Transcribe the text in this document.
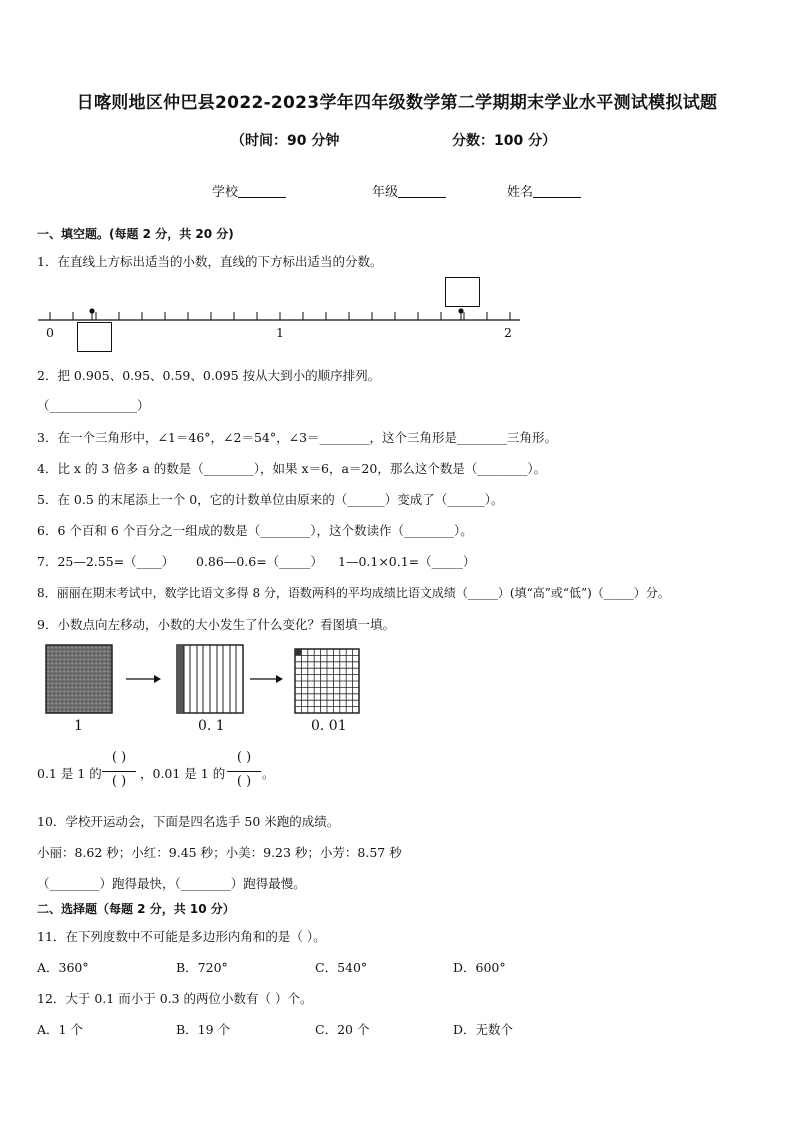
日喀则地区仲巴县2022-2023学年四年级数学第二学期期末学业水平测试模拟试题
（时间：90 分钟	分数：100 分）
学校	年级	姓名
一、填空题。(每题 2 分，共 20 分)
1．在直线上方标出适当的小数，直线的下方标出适当的分数。
0	1	2
2．把 0.905、0.95、0.59、0.095 按从大到小的顺序排列。
（______________）
3．在一个三角形中，∠1＝46°，∠2＝54°，∠3＝________，这个三角形是________三角形。
4．比 x 的 3 倍多 a 的数是（________），如果 x＝6，a＝20，那么这个数是（________）。
5．在 0.5 的末尾添上一个 0，它的计数单位由原来的（______）变成了（______）。
6．6 个百和 6 个百分之一组成的数是（________），这个数读作（________）。
7．25—2.55=（____） 0.86—0.6=（_____） 1—0.1×0.1=（_____）
8．丽丽在期末考试中，数学比语文多得 8 分，语数两科的平均成绩比语文成绩（_____）(填“高”或“低”)（_____）分。
9．小数点向左移动，小数的大小发生了什么变化？看图填一填。
1	0. 1	0. 01
0.1 是 1 的
( )
( )
，0.01 是 1 的
( )
( )
。
10．学校开运动会，下面是四名选手 50 米跑的成绩。
小丽：8.62 秒；小红：9.45 秒；小美：9.23 秒；小芳：8.57 秒
（________）跑得最快，（________）跑得最慢。
二、选择题（每题 2 分，共 10 分）
11．在下列度数中不可能是多边形内角和的是（ ）。
A．360°	B．720°	C．540°	D．600°
12．大于 0.1 而小于 0.3 的两位小数有（ ）个。
A．1 个	B．19 个	C．20 个	D．无数个
